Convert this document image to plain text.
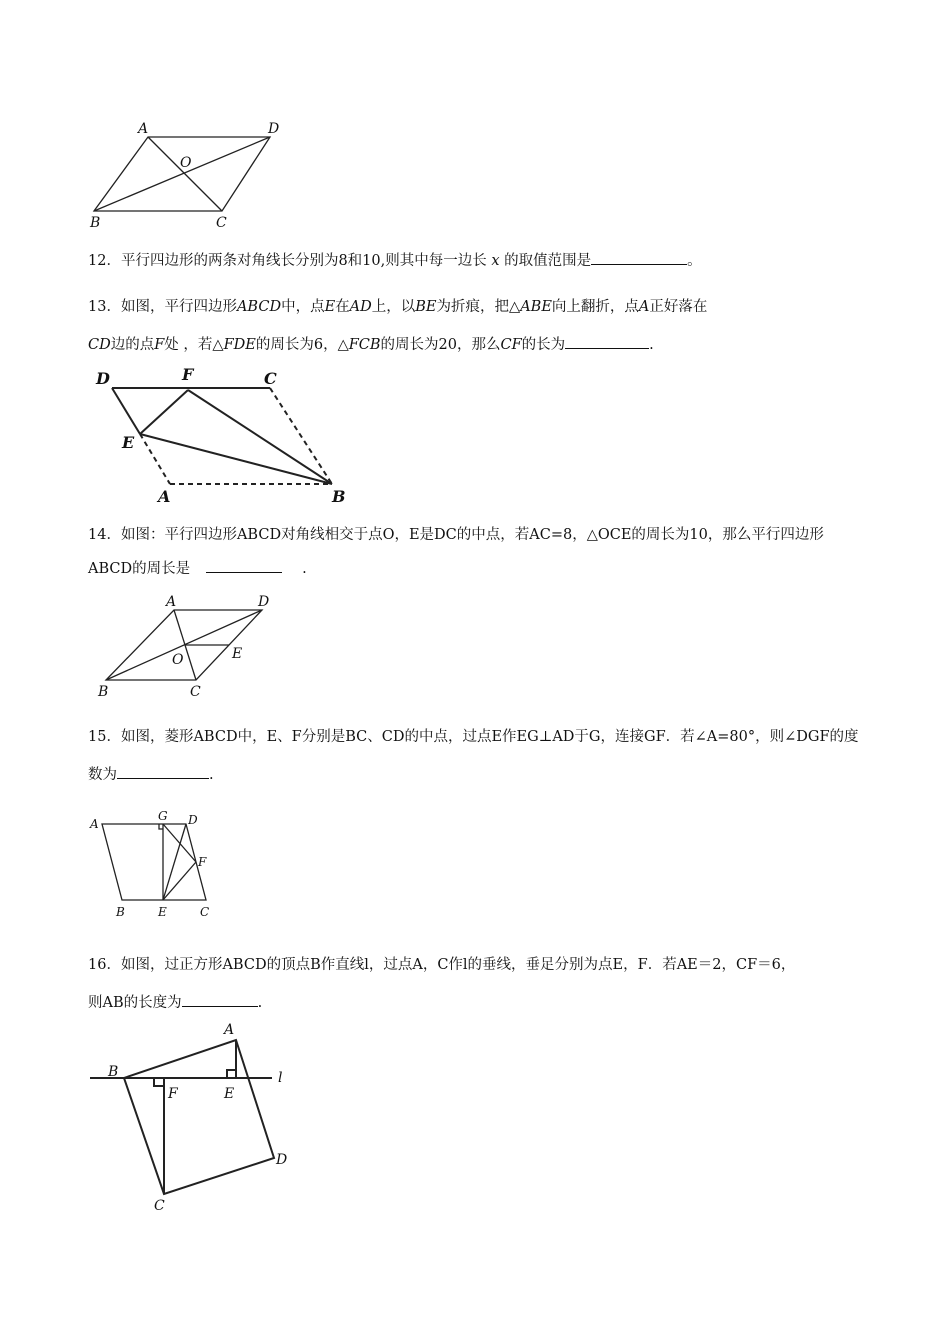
A	D
O
B	C
12．平行四边形的两条对角线长分别为8和10,则其中每一边长 x 的取值范围是	。
13．如图，平行四边形ABCD中，点E在AD上，以BE为折痕，把△ABE向上翻折，点A正好落在
CD边的点F处 ，若△FDE的周长为6，△FCB的周长为20，那么CF的长为	.
D	F	C
E
A	B
14．如图：平行四边形ABCD对角线相交于点O，E是DC的中点，若AC=8，△OCE的周长为10，那么平行四边形
ABCD的周长是	.
A	D
O	E
B	C
15．如图，菱形ABCD中，E、F分别是BC、CD的中点，过点E作EG⊥AD于G，连接GF．若∠A=80°，则∠DGF的度
数为	.
A
G D
F
B	E	C
16．如图，过正方形ABCD的顶点B作直线l，过点A，C作l的垂线，垂足分别为点E，F．若AE＝2，CF＝6，
则AB的长度为	.
A
B
F	E
l
D
C
